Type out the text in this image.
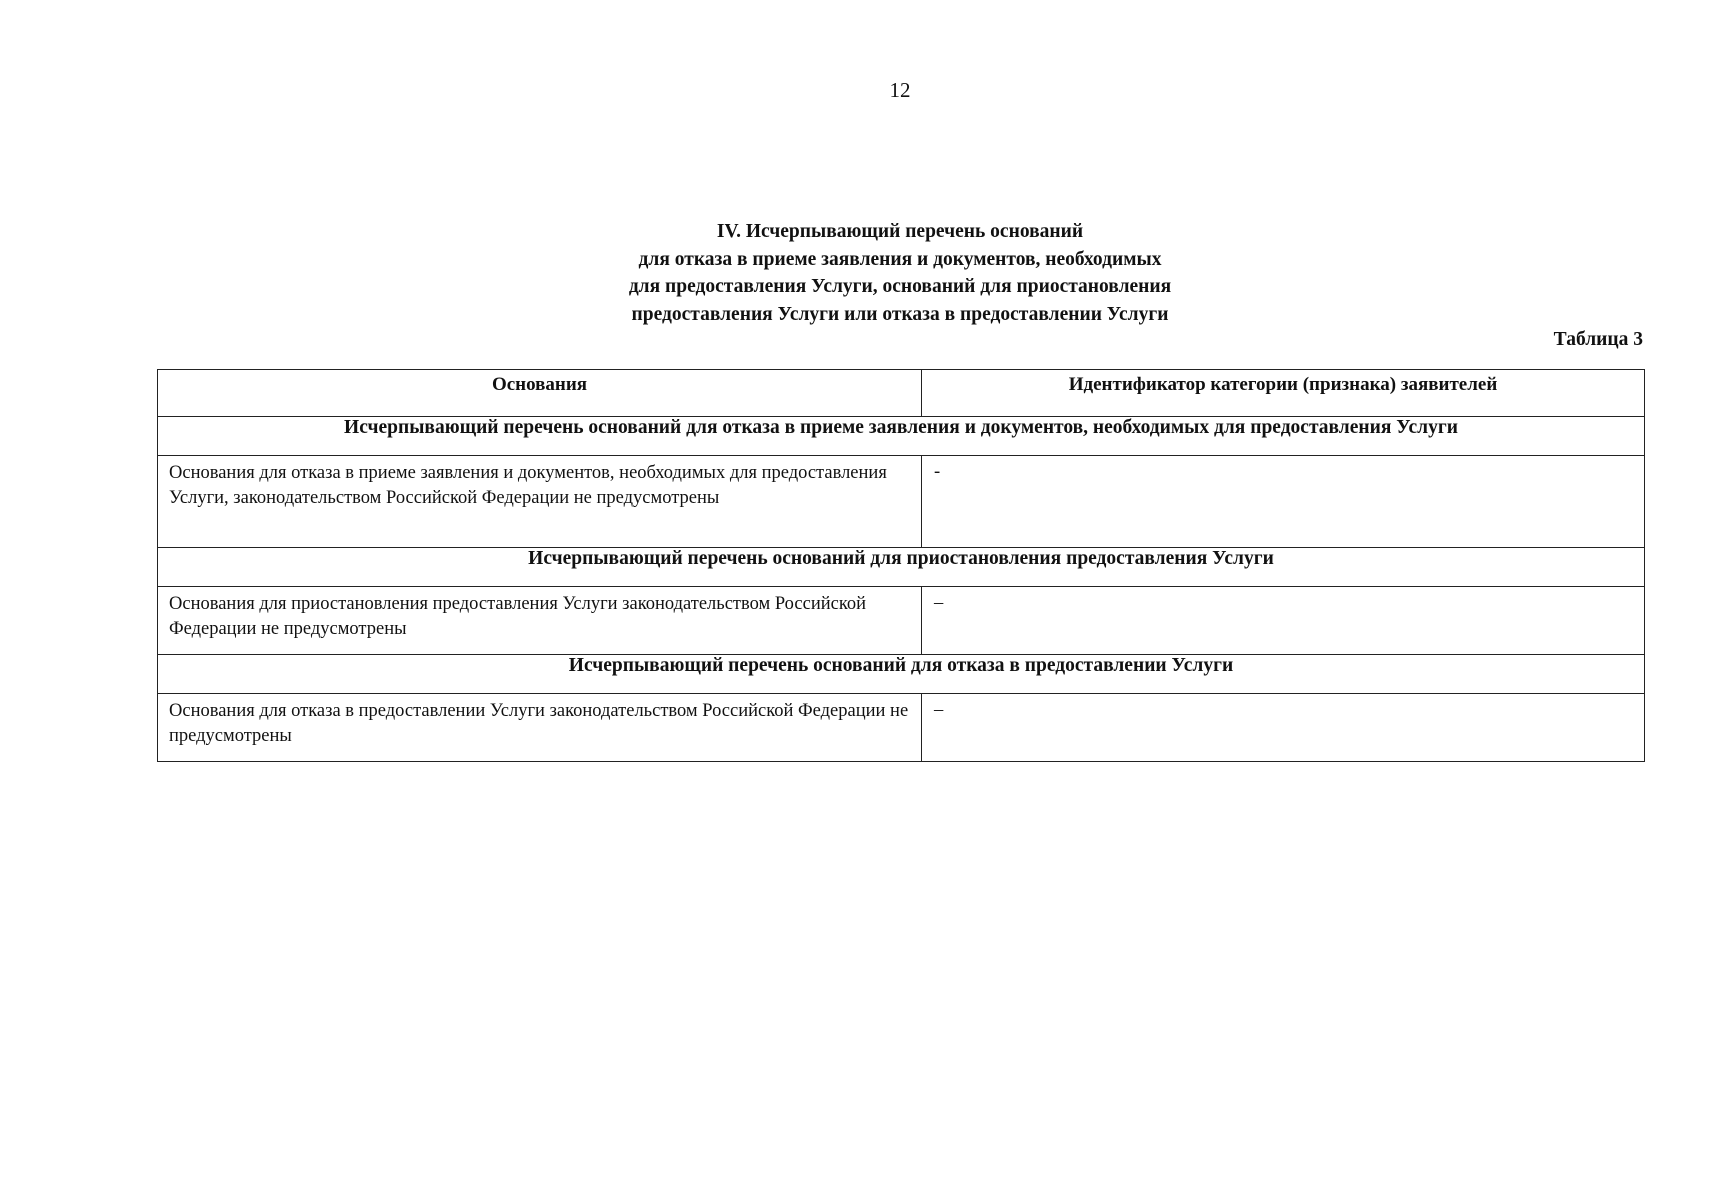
12
IV. Исчерпывающий перечень оснований
для отказа в приеме заявления и документов, необходимых
для предоставления Услуги, оснований для приостановления
предоставления Услуги или отказа в предоставлении Услуги
Таблица 3
Основания	Идентификатор категории (признака) заявителей
Исчерпывающий перечень оснований для отказа в приеме заявления и документов, необходимых для предоставления Услуги	
Основания для отказа в приеме заявления и документов, необходимых для предоставления Услуги, законодательством Российской Федерации не предусмотрены	-
Исчерпывающий перечень оснований для приостановления предоставления Услуги	
Основания для приостановления предоставления Услуги законодательством Российской Федерации не предусмотрены	–
Исчерпывающий перечень оснований для отказа в предоставлении Услуги	
Основания для отказа в предоставлении Услуги законодательством Российской Федерации не предусмотрены	–
